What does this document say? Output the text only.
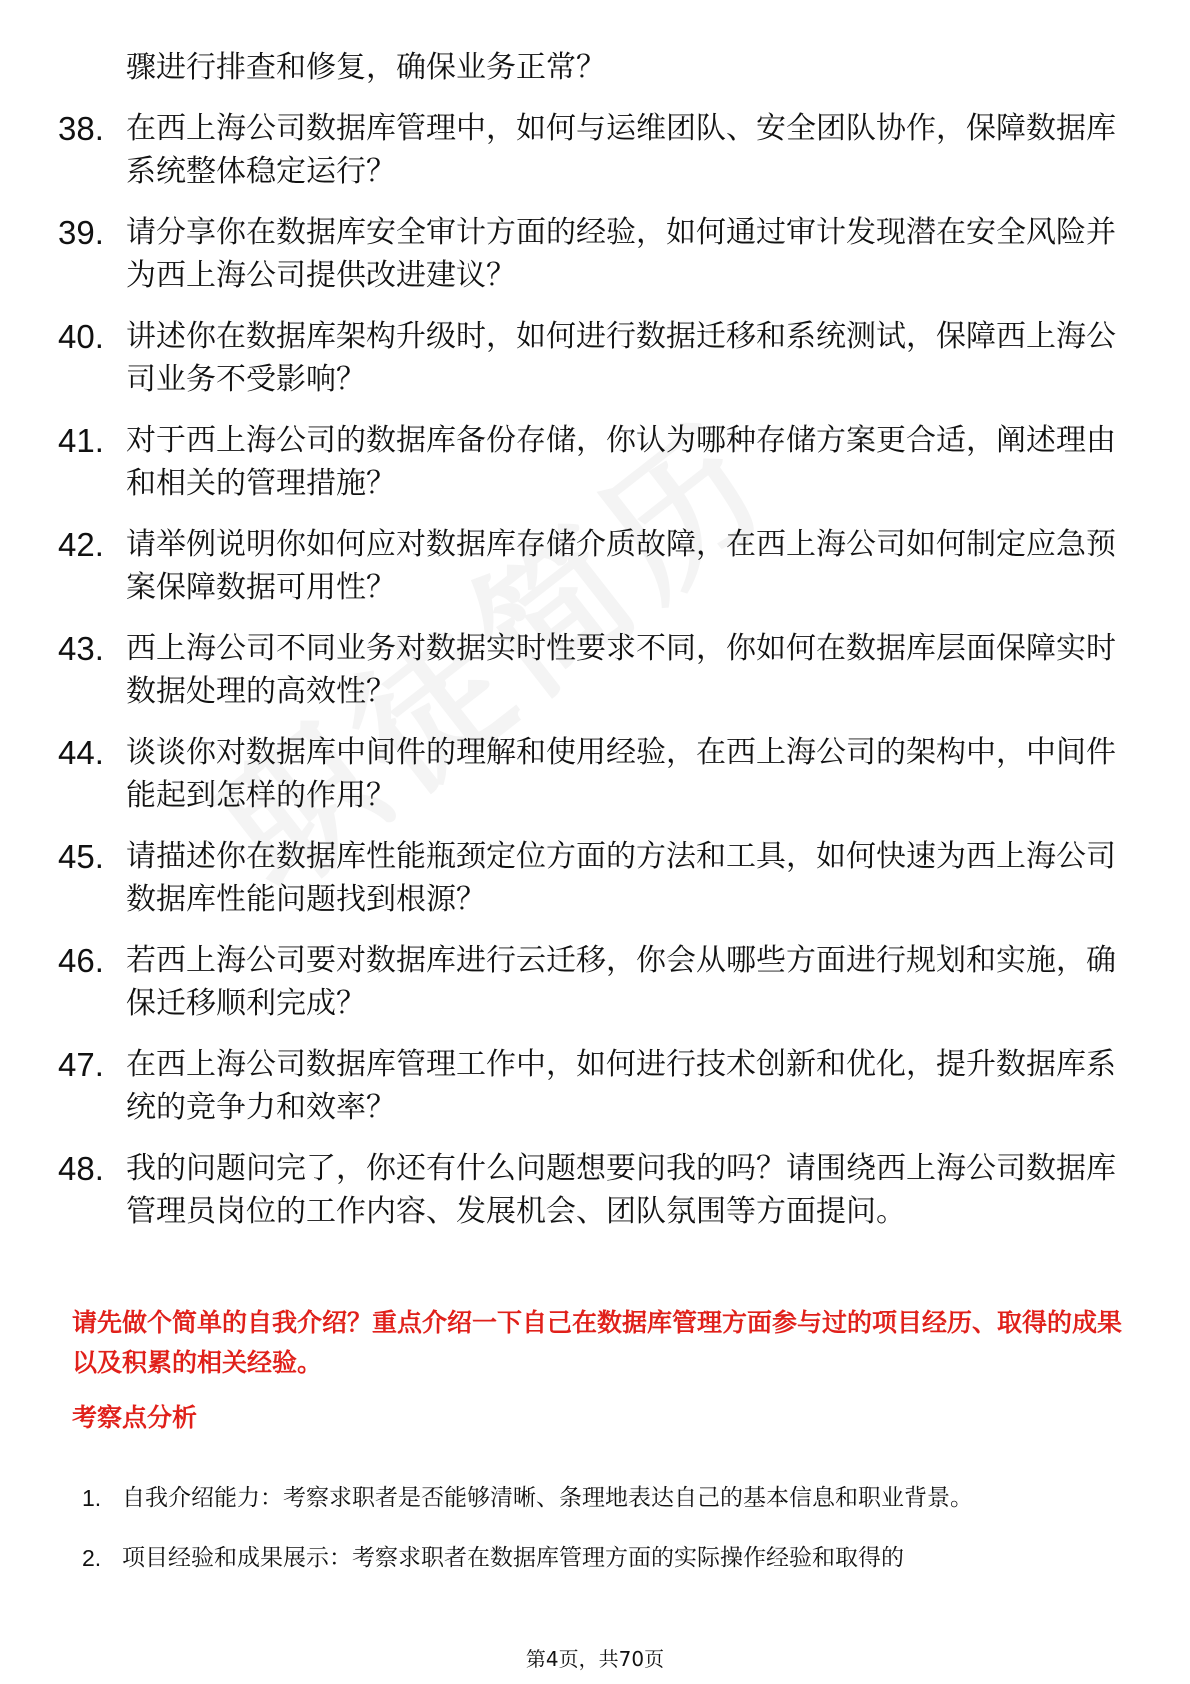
骤进行排查和修复，确保业务正常？
38. 在西上海公司数据库管理中，如何与运维团队、安全团队协作，保障数据库系统整体稳定运行？
39. 请分享你在数据库安全审计方面的经验，如何通过审计发现潜在安全风险并为西上海公司提供改进建议？
40. 讲述你在数据库架构升级时，如何进行数据迁移和系统测试，保障西上海公司业务不受影响？
41. 对于西上海公司的数据库备份存储，你认为哪种存储方案更合适，阐述理由和相关的管理措施？
42. 请举例说明你如何应对数据库存储介质故障，在西上海公司如何制定应急预案保障数据可用性？
43. 西上海公司不同业务对数据实时性要求不同，你如何在数据库层面保障实时数据处理的高效性？
44. 谈谈你对数据库中间件的理解和使用经验，在西上海公司的架构中，中间件能起到怎样的作用？
45. 请描述你在数据库性能瓶颈定位方面的方法和工具，如何快速为西上海公司数据库性能问题找到根源？
46. 若西上海公司要对数据库进行云迁移，你会从哪些方面进行规划和实施，确保迁移顺利完成？
47. 在西上海公司数据库管理工作中，如何进行技术创新和优化，提升数据库系统的竞争力和效率？
48. 我的问题问完了，你还有什么问题想要问我的吗？请围绕西上海公司数据库管理员岗位的工作内容、发展机会、团队氛围等方面提问。
请先做个简单的自我介绍？重点介绍一下自己在数据库管理方面参与过的项目经历、取得的成果以及积累的相关经验。
考察点分析
1. 自我介绍能力：考察求职者是否能够清晰、条理地表达自己的基本信息和职业背景。
2. 项目经验和成果展示：考察求职者在数据库管理方面的实际操作经验和取得的
第4页，共70页
